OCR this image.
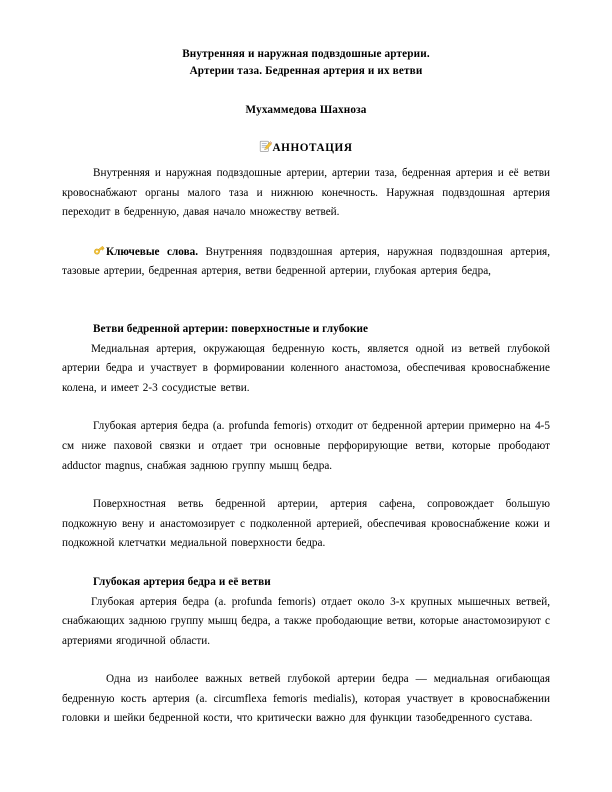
Внутренняя и наружная подвздошные артерии.
Артерии таза. Бедренная артерия и их ветви
Мухаммедова Шахноза
АННОТАЦИЯ

Внутренняя и наружная подвздошные артерии, артерии таза, бедренная артерия и её ветви кровоснабжают органы малого таза и нижнюю конечность. Наружная подвздошная артерия переходит в бедренную, давая начало множеству ветвей.

Ключевые слова. Внутренняя подвздошная артерия, наружная подвздошная артерия, тазовые артерии, бедренная артерия, ветви бедренной артерии, глубокая артерия бедра,

Ветви бедренной артерии: поверхностные и глубокие

Медиальная артерия, окружающая бедренную кость, является одной из ветвей глубокой артерии бедра и участвует в формировании коленного анастомоза, обеспечивая кровоснабжение колена, и имеет 2-3 сосудистые ветви.

Глубокая артерия бедра (a. profunda femoris) отходит от бедренной артерии примерно на 4-5 см ниже паховой связки и отдает три основные перфорирующие ветви, которые прободают adductor magnus, снабжая заднюю группу мышц бедра.

Поверхностная ветвь бедренной артерии, артерия сафена, сопровождает большую подкожную вену и анастомозирует с подколенной артерией, обеспечивая кровоснабжение кожи и подкожной клетчатки медиальной поверхности бедра.

Глубокая артерия бедра и её ветви

Глубокая артерия бедра (a. profunda femoris) отдает около 3-х крупных мышечных ветвей, снабжающих заднюю группу мышц бедра, а также прободающие ветви, которые анастомозируют с артериями ягодичной области.

Одна из наиболее важных ветвей глубокой артерии бедра — медиальная огибающая бедренную кость артерия (a. circumflexa femoris medialis), которая участвует в кровоснабжении головки и шейки бедренной кости, что критически важно для функции тазобедренного сустава.
